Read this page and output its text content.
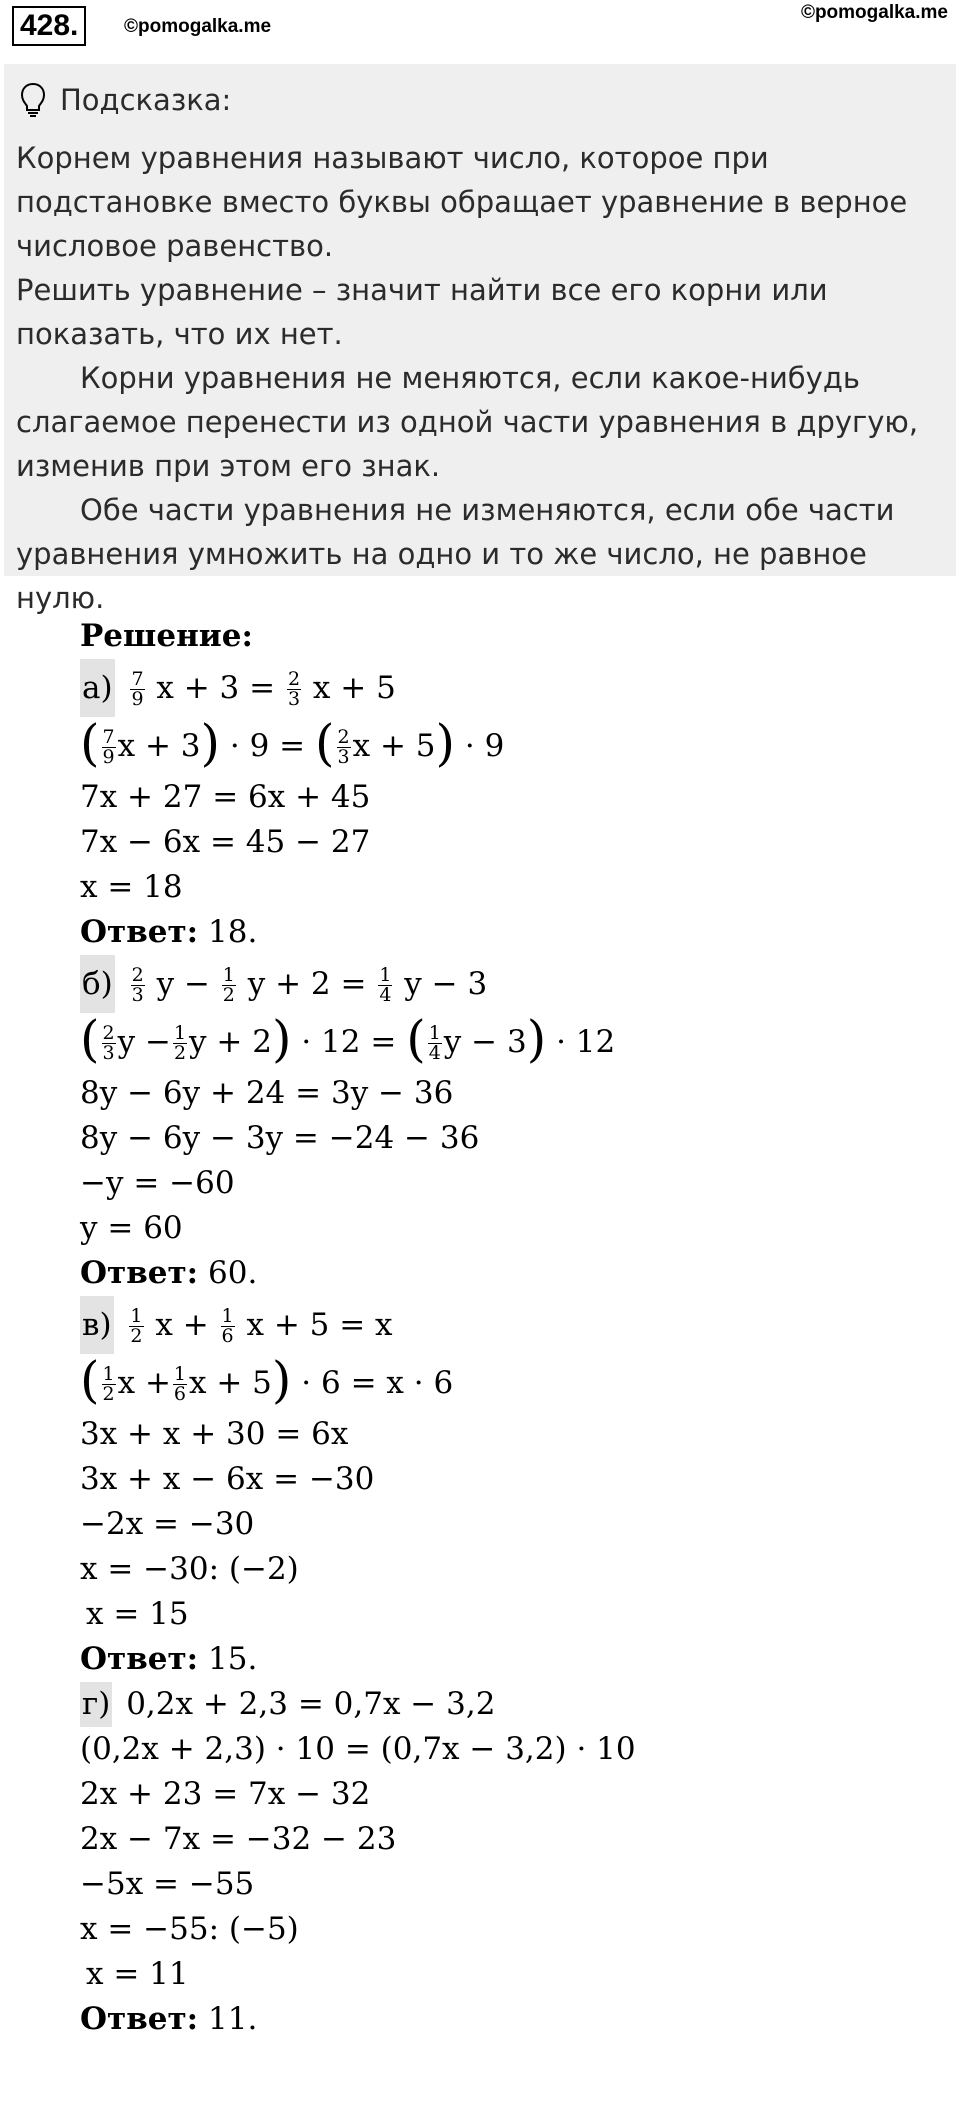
428.	©pomogalka.me
©pomogalka.me
Подсказка:

Корнем уравнения называют число, которое при подстановке вместо буквы обращает уравнение в верное числовое равенство.

Решить уравнение – значит найти все его корни или показать, что их нет.

Корни уравнения не меняются, если какое-нибудь слагаемое перенести из одной части уравнения в другую, изменив при этом его знак.

Обе части уравнения не изменяются, если обе части уравнения умножить на одно и то же число, не равное нулю.

Решение:
$а) \frac{7}{9}$ $x + 3 = \frac{2}{3}$ x + 5
( $\frac{7}{9}$ x + 3) · 9 = ( $\frac{2}{3}$ x + 5) · 9
7x + 27 = 6x + 45
7x − 6x = 45 − 27
x = 18
Ответ: 18.
$б) \frac{2}{3}$ $y - \frac{1}{2}$ $y + 2 = \frac{1}{4}$ y − 3
( $\frac{2}{3}$ $y - \frac{1}{2}$ y + 2) · 12 = ( $\frac{1}{4}$ y − 3) · 12
8y − 6y + 24 = 3y − 36
8y − 6y − 3y = −24 − 36
−y = −60
y = 60
Ответ: 60.
$в) \frac{1}{2}$ $x + \frac{1}{6}$ x + 5 = x
( $\frac{1}{2}$ $x + \frac{1}{6}$ x + 5) · 6 = x · 6
3x + x + 30 = 6x
3x + x − 6x = −30
−2x = −30
x = −30: (−2)
x = 15
Ответ: 15.
г) 0,2x + 2,3 = 0,7x − 3,2
(0,2x + 2,3) · 10 = (0,7x − 3,2) · 10
2x + 23 = 7x − 32
2x − 7x = −32 − 23
−5x = −55
x = −55: (−5)
x = 11
Ответ: 11.
